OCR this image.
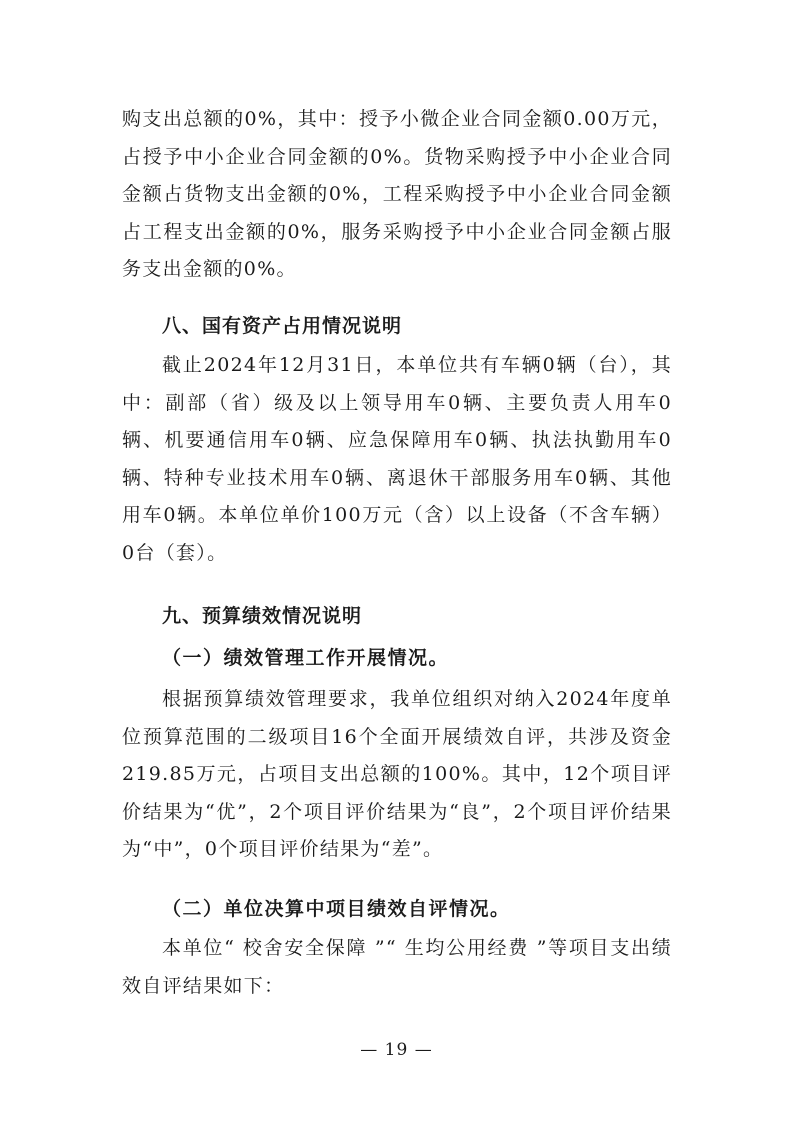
购支出总额的0%，其中：授予小微企业合同金额0.00万元，占授予中小企业合同金额的0%。货物采购授予中小企业合同金额占货物支出金额的0%，工程采购授予中小企业合同金额占工程支出金额的0%，服务采购授予中小企业合同金额占服务支出金额的0%。

八、国有资产占用情况说明

截止2024年12月31日，本单位共有车辆0辆（台），其中：副部（省）级及以上领导用车0辆、主要负责人用车0辆、机要通信用车0辆、应急保障用车0辆、执法执勤用车0辆、特种专业技术用车0辆、离退休干部服务用车0辆、其他用车0辆。本单位单价100万元（含）以上设备（不含车辆）0台（套）。

九、预算绩效情况说明

（一）绩效管理工作开展情况。

根据预算绩效管理要求，我单位组织对纳入2024年度单位预算范围的二级项目16个全面开展绩效自评，共涉及资金219.85万元，占项目支出总额的100%。其中，12个项目评价结果为“优”，2个项目评价结果为“良”，2个项目评价结果为“中”，0个项目评价结果为“差”。

（二）单位决算中项目绩效自评情况。

本单位“ 校舍安全保障 ”“ 生均公用经费 ”等项目支出绩效自评结果如下：

— 19 —
